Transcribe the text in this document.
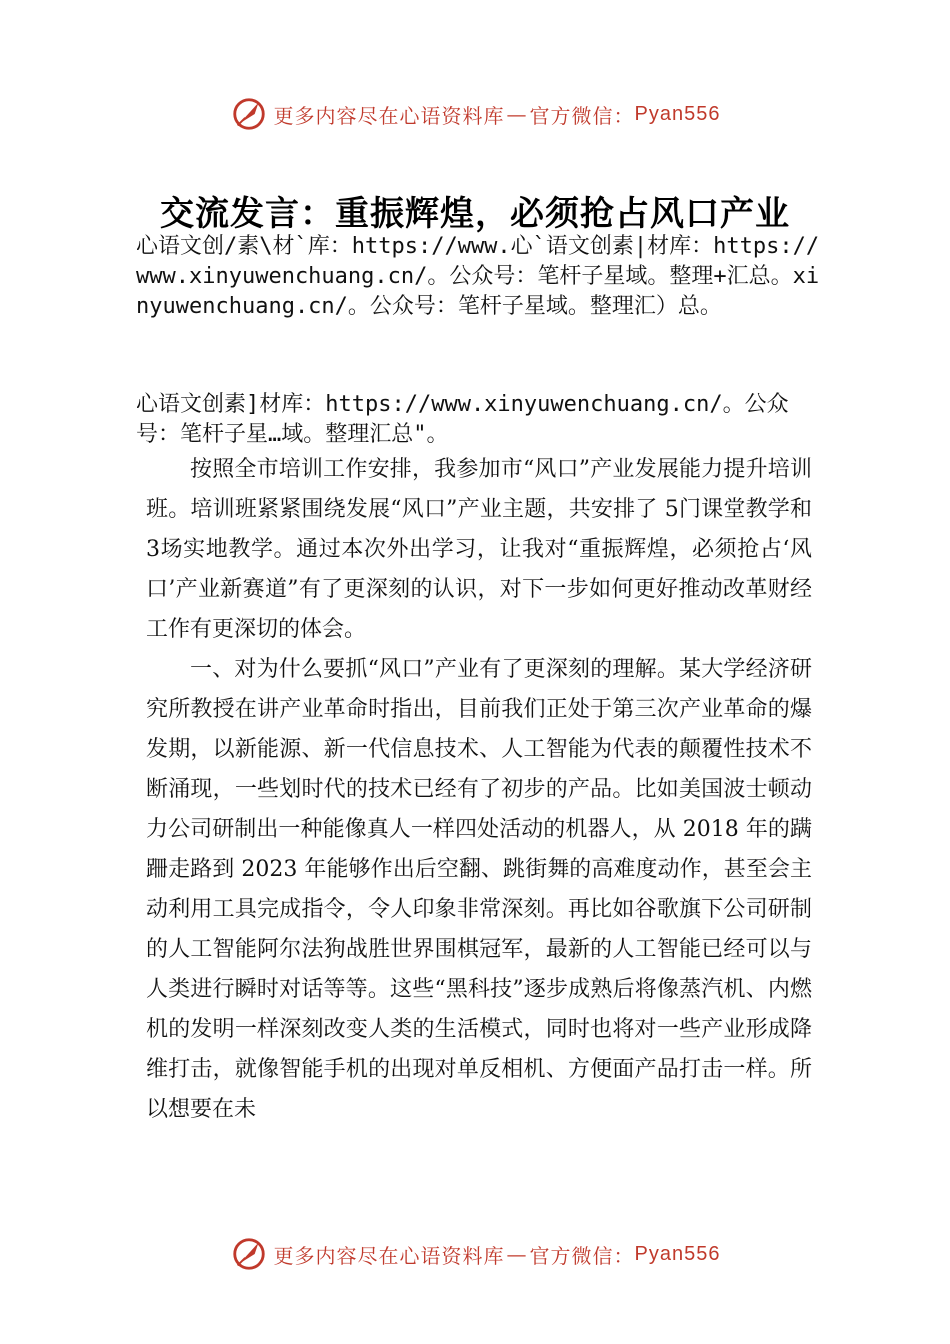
更多内容尽在心语资料库 — 官方微信： Pyan556
交流发言：重振辉煌，必须抢占风口产业
心语文创/素\材`库：https://www.心`语文创素|材库：https://www.xinyuwenchuang.cn/。公众号：笔杆子星域。整理+汇总。xinyuwenchuang.cn/。公众号：笔杆子星域。整理汇）总。
心语文创素]材库：https://www.xinyuwenchuang.cn/。公众号：笔杆子星…域。整理汇总"。

按照全市培训工作安排，我参加市“风口”产业发展能力提升培训班。培训班紧紧围绕发展“风口”产业主题，共安排了 5门课堂教学和 3场实地教学。通过本次外出学习，让我对“重振辉煌，必须抢占‘风口’产业新赛道”有了更深刻的认识，对下一步如何更好推动改革财经工作有更深切的体会。

一、对为什么要抓“风口”产业有了更深刻的理解。某大学经济研究所教授在讲产业革命时指出，目前我们正处于第三次产业革命的爆发期，以新能源、新一代信息技术、人工智能为代表的颠覆性技术不断涌现，一些划时代的技术已经有了初步的产品。比如美国波士顿动力公司研制出一种能像真人一样四处活动的机器人，从 2018 年的蹒跚走路到 2023 年能够作出后空翻、跳街舞的高难度动作，甚至会主动利用工具完成指令，令人印象非常深刻。再比如谷歌旗下公司研制的人工智能阿尔法狗战胜世界围棋冠军，最新的人工智能已经可以与人类进行瞬时对话等等。这些“黑科技”逐步成熟后将像蒸汽机、内燃机的发明一样深刻改变人类的生活模式，同时也将对一些产业形成降维打击，就像智能手机的出现对单反相机、方便面产品打击一样。所以想要在未

更多内容尽在心语资料库 — 官方微信： Pyan556
